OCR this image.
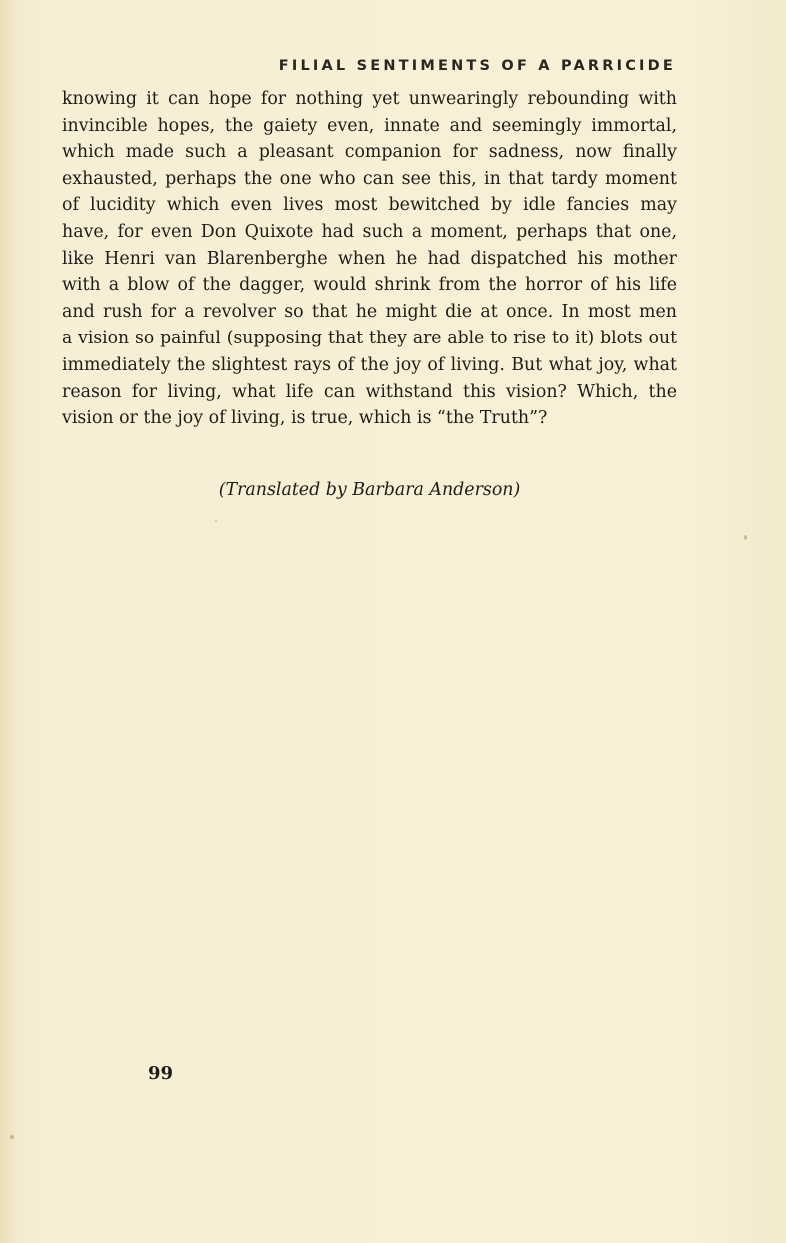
FILIAL SENTIMENTS OF A PARRICIDE
knowing it can hope for nothing yet unwearingly rebounding with
invincible hopes, the gaiety even, innate and seemingly immortal,
which made such a pleasant companion for sadness, now finally
exhausted, perhaps the one who can see this, in that tardy moment
of lucidity which even lives most bewitched by idle fancies may
have, for even Don Quixote had such a moment, perhaps that one,
like Henri van Blarenberghe when he had dispatched his mother
with a blow of the dagger, would shrink from the horror of his life
and rush for a revolver so that he might die at once. In most men
a vision so painful (supposing that they are able to rise to it) blots out
immediately the slightest rays of the joy of living. But what joy, what
reason for living, what life can withstand this vision? Which, the
vision or the joy of living, is true, which is “the Truth”?
(Translated by Barbara Anderson)
99
